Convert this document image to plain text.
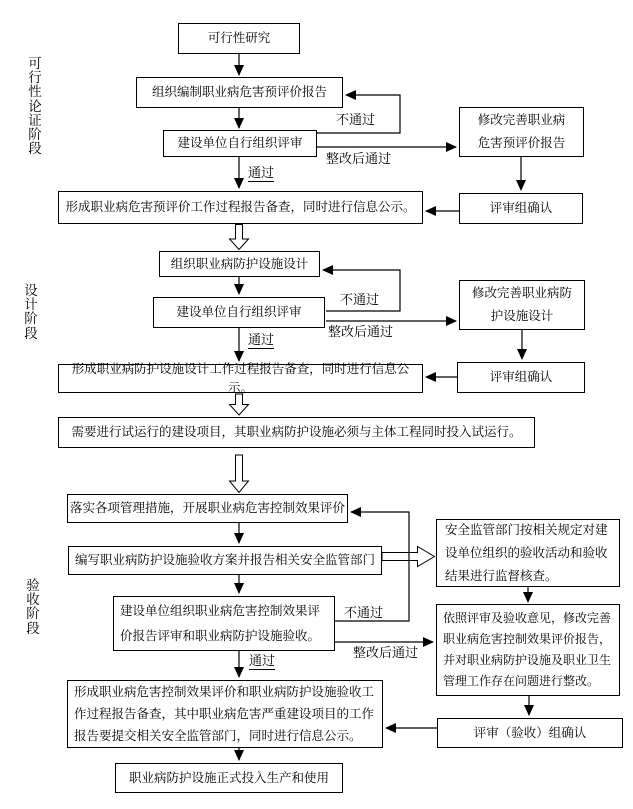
可行性论证阶段
设计阶段
验收阶段
可行性研究
组织编制职业病危害预评价报告
建设单位自行组织评审
形成职业病危害预评价工作过程报告备查，同时进行信息公示。
修改完善职业病危害预评价报告
评审组确认
组织职业病防护设施设计
建设单位自行组织评审
形成职业病防护设施设计工作过程报告备查，同时进行信息公示。
需要进行试运行的建设项目，其职业病防护设施必须与主体工程同时投入试运行。
修改完善职业病防护设施设计
评审组确认
落实各项管理措施，开展职业病危害控制效果评价
编写职业病防护设施验收方案并报告相关安全监管部门
建设单位组织职业病危害控制效果评价报告评审和职业病防护设施验收。
形成职业病危害控制效果评价和职业病防护设施验收工作过程报告备查，其中职业病危害严重建设项目的工作报告要提交相关安全监管部门，同时进行信息公示。
职业病防护设施正式投入生产和使用
安全监管部门按相关规定对建设单位组织的验收活动和验收结果进行监督核查。
依照评审及验收意见，修改完善职业病危害控制效果评价报告，并对职业病防护设施及职业卫生管理工作存在问题进行整改。
评审（验收）组确认
通过
不通过
整改后通过
通过
不通过
整改后通过
通过
不通过
整改后通过
